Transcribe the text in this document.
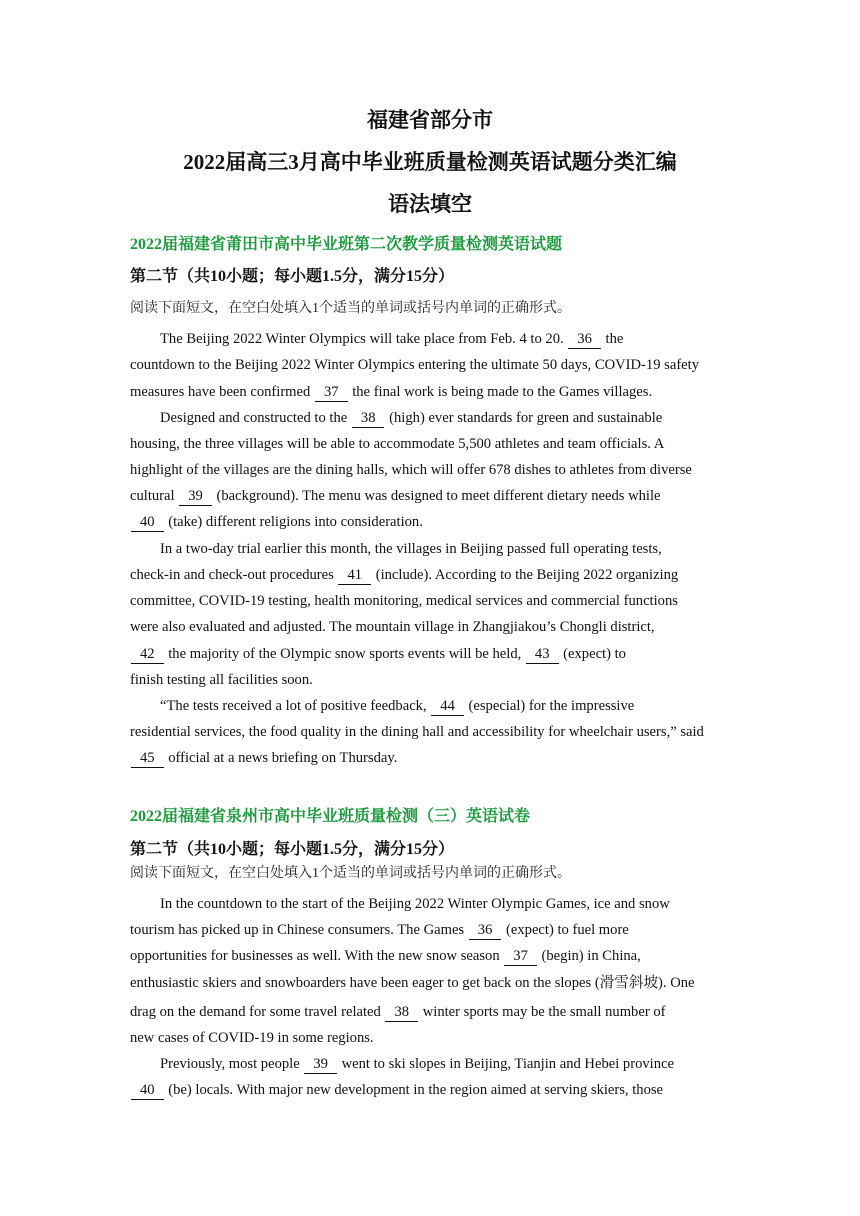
福建省部分市
2022届高三3月高中毕业班质量检测英语试题分类汇编
语法填空
2022届福建省莆田市高中毕业班第二次教学质量检测英语试题
第二节（共10小题；每小题1.5分，满分15分）
阅读下面短文，在空白处填入1个适当的单词或括号内单词的正确形式。
The Beijing 2022 Winter Olympics will take place from Feb. 4 to 20. 36 the
countdown to the Beijing 2022 Winter Olympics entering the ultimate 50 days, COVID-19 safety
measures have been confirmed 37 the final work is being made to the Games villages.
Designed and constructed to the 38 (high) ever standards for green and sustainable
housing, the three villages will be able to accommodate 5,500 athletes and team officials. A
highlight of the villages are the dining halls, which will offer 678 dishes to athletes from diverse
cultural 39 (background). The menu was designed to meet different dietary needs while
40 (take) different religions into consideration.
In a two-day trial earlier this month, the villages in Beijing passed full operating tests,
check-in and check-out procedures 41 (include). According to the Beijing 2022 organizing
committee, COVID-19 testing, health monitoring, medical services and commercial functions
were also evaluated and adjusted. The mountain village in Zhangjiakou’s Chongli district,
42 the majority of the Olympic snow sports events will be held, 43 (expect) to
finish testing all facilities soon.
“The tests received a lot of positive feedback, 44 (especial) for the impressive
residential services, the food quality in the dining hall and accessibility for wheelchair users,” said
45 official at a news briefing on Thursday.
2022届福建省泉州市高中毕业班质量检测（三）英语试卷
第二节（共10小题；每小题1.5分，满分15分）
阅读下面短文，在空白处填入1个适当的单词或括号内单词的正确形式。
In the countdown to the start of the Beijing 2022 Winter Olympic Games, ice and snow
tourism has picked up in Chinese consumers. The Games 36 (expect) to fuel more
opportunities for businesses as well. With the new snow season 37 (begin) in China,
enthusiastic skiers and snowboarders have been eager to get back on the slopes (滑雪斜坡). One
drag on the demand for some travel related 38 winter sports may be the small number of
new cases of COVID-19 in some regions.
Previously, most people 39 went to ski slopes in Beijing, Tianjin and Hebei province
40 (be) locals. With major new development in the region aimed at serving skiers, those
